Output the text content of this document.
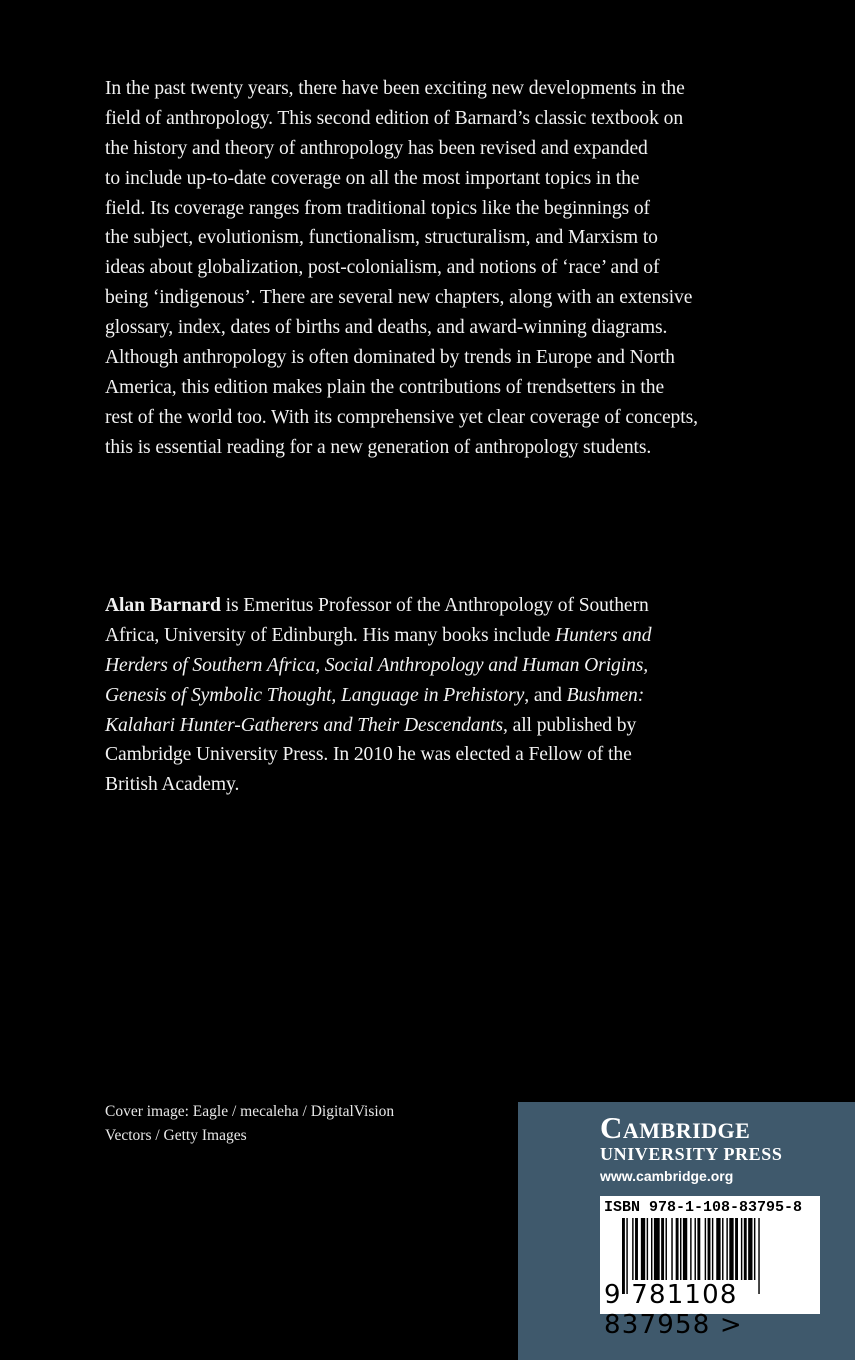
In the past twenty years, there have been exciting new developments in the
field of anthropology. This second edition of Barnard’s classic textbook on
the history and theory of anthropology has been revised and expanded
to include up-to-date coverage on all the most important topics in the
field. Its coverage ranges from traditional topics like the beginnings of
the subject, evolutionism, functionalism, structuralism, and Marxism to
ideas about globalization, post-colonialism, and notions of ‘race’ and of
being ‘indigenous’. There are several new chapters, along with an extensive
glossary, index, dates of births and deaths, and award-winning diagrams.
Although anthropology is often dominated by trends in Europe and North
America, this edition makes plain the contributions of trendsetters in the
rest of the world too. With its comprehensive yet clear coverage of concepts,
this is essential reading for a new generation of anthropology students.
Alan Barnard is Emeritus Professor of the Anthropology of Southern
Africa, University of Edinburgh. His many books include Hunters and
Herders of Southern Africa, Social Anthropology and Human Origins,
Genesis of Symbolic Thought, Language in Prehistory, and Bushmen:
Kalahari Hunter-Gatherers and Their Descendants, all published by
Cambridge University Press. In 2010 he was elected a Fellow of the
British Academy.
Cover image: Eagle / mecaleha / DigitalVision
Vectors / Getty Images	Cambridge
UNIVERSITY PRESS
www.cambridge.org
ISBN 978-1-108-83795-8
9 781108 837958 >
